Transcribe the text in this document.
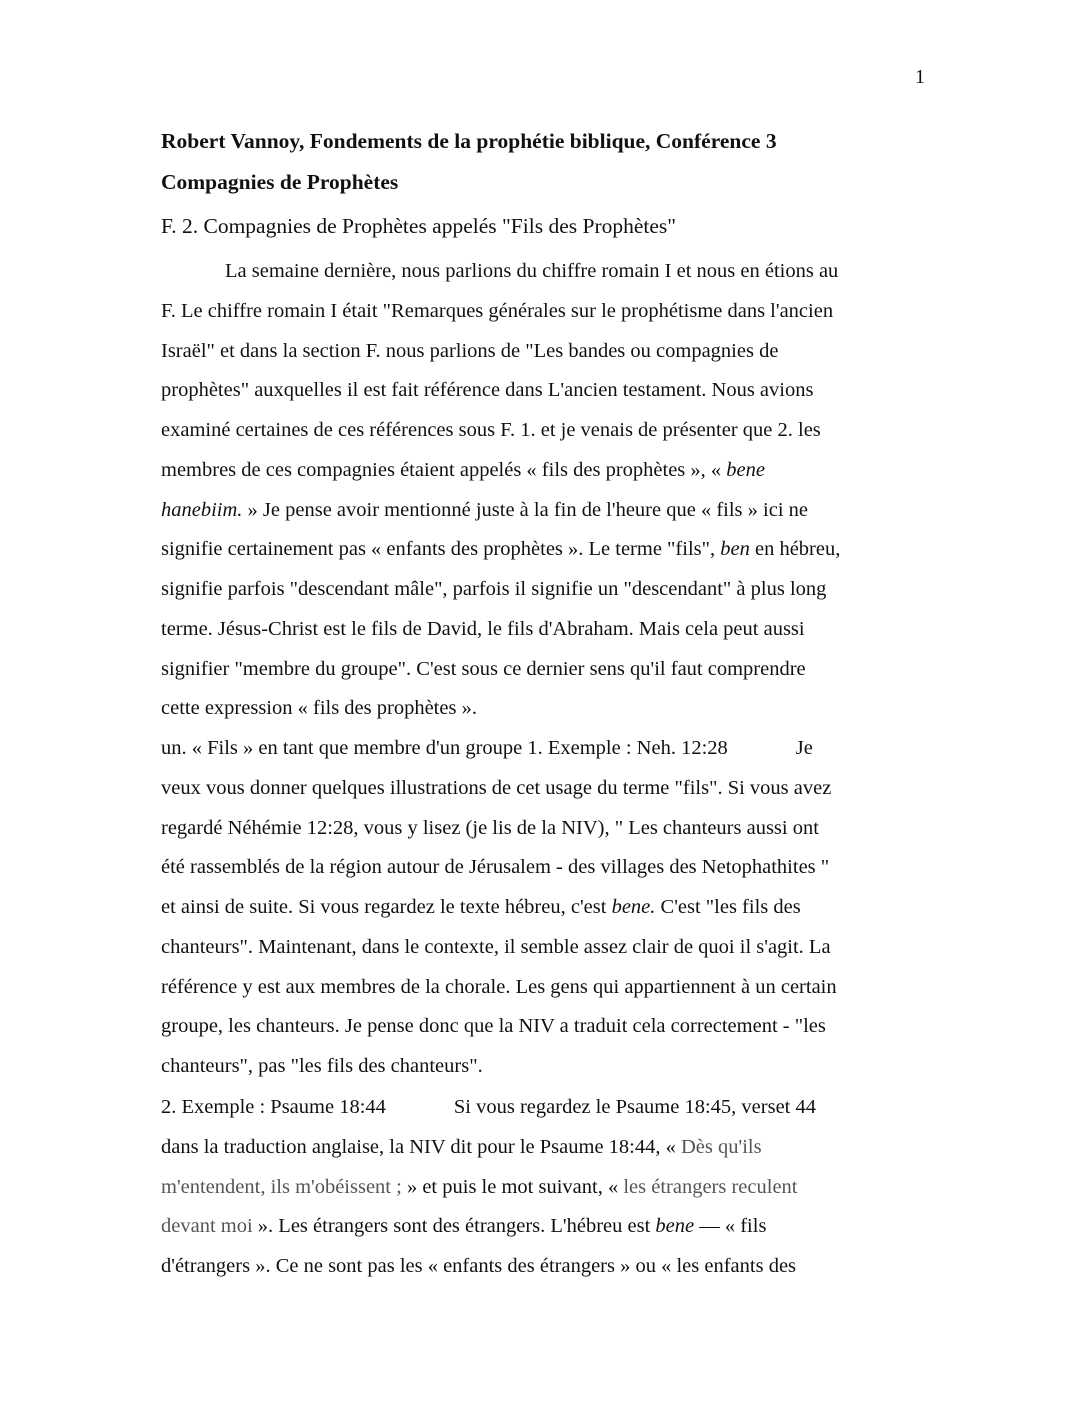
1
Robert Vannoy, Fondements de la prophétie biblique, Conférence 3
Compagnies de Prophètes
F. 2. Compagnies de Prophètes appelés "Fils des Prophètes"
La semaine dernière, nous parlions du chiffre romain I et nous en étions au
F. Le chiffre romain I était "Remarques générales sur le prophétisme dans l'ancien
Israël" et dans la section F. nous parlions de "Les bandes ou compagnies de
prophètes" auxquelles il est fait référence dans L'ancien testament. Nous avions
examiné certaines de ces références sous F. 1. et je venais de présenter que 2. les
membres de ces compagnies étaient appelés « fils des prophètes », « bene
hanebiim. » Je pense avoir mentionné juste à la fin de l'heure que « fils » ici ne
signifie certainement pas « enfants des prophètes ». Le terme "fils", ben en hébreu,
signifie parfois "descendant mâle", parfois il signifie un "descendant" à plus long
terme. Jésus-Christ est le fils de David, le fils d'Abraham. Mais cela peut aussi
signifier "membre du groupe". C'est sous ce dernier sens qu'il faut comprendre
cette expression « fils des prophètes ».
un. « Fils » en tant que membre d'un groupe 1. Exemple : Neh. 12:28	Je
veux vous donner quelques illustrations de cet usage du terme "fils". Si vous avez
regardé Néhémie 12:28, vous y lisez (je lis de la NIV), " Les chanteurs aussi ont
été rassemblés de la région autour de Jérusalem - des villages des Netophathites "
et ainsi de suite. Si vous regardez le texte hébreu, c'est bene. C'est "les fils des
chanteurs". Maintenant, dans le contexte, il semble assez clair de quoi il s'agit. La
référence y est aux membres de la chorale. Les gens qui appartiennent à un certain
groupe, les chanteurs. Je pense donc que la NIV a traduit cela correctement - "les
chanteurs", pas "les fils des chanteurs".
2. Exemple : Psaume 18:44	Si vous regardez le Psaume 18:45, verset 44
dans la traduction anglaise, la NIV dit pour le Psaume 18:44, « Dès qu'ils
m'entendent, ils m'obéissent ; » et puis le mot suivant, « les étrangers reculent
devant moi ». Les étrangers sont des étrangers. L'hébreu est bene — « fils
d'étrangers ». Ce ne sont pas les « enfants des étrangers » ou « les enfants des
